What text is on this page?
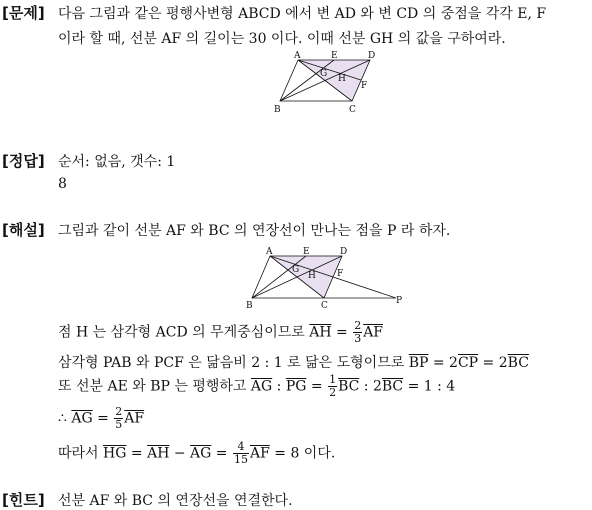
[문제] 다음 그림과 같은 평행사변형 ABCD 에서 변 AD 와 변 CD 의 중점을 각각 E, F
이라 할 때, 선분 AF 의 길이는 30 이다. 이때 선분 GH 의 값을 구하여라.
A	E	D
G H
F
B	C
[정답] 순서: 없음, 갯수: 1
8
[해설] 그림과 같이 선분 AF 와 BC 의 연장선이 만나는 점을 P 라 하자.
A	E	D
G
H F
B	C	P
점 H 는 삼각형 ACD 의 무게중심이므로 $\overline{AH} = \frac{2}{3} \overline{AF}$
삼각형 PAB 와 PCF 은 닮음비 2 : 1 로 닮은 도형이므로 $\overline{BP} = 2\overline{CP} = 2\overline{BC}$
또 선분 AE 와 BP 는 평행하고 $\overline{AG}$ : $\overline{PG} = \frac{1}{2} \overline{BC}$ : $2\overline{BC} = 1$ : 4
∴ $\overline{AG} = \frac{2}{5} \overline{AF}$
따라서 $\overline{HG} = \overline{AH} - \overline{AG} = \frac{4}{15} \overline{AF} = 8$ 이다.
[힌트] 선분 AF 와 BC 의 연장선을 연결한다.
